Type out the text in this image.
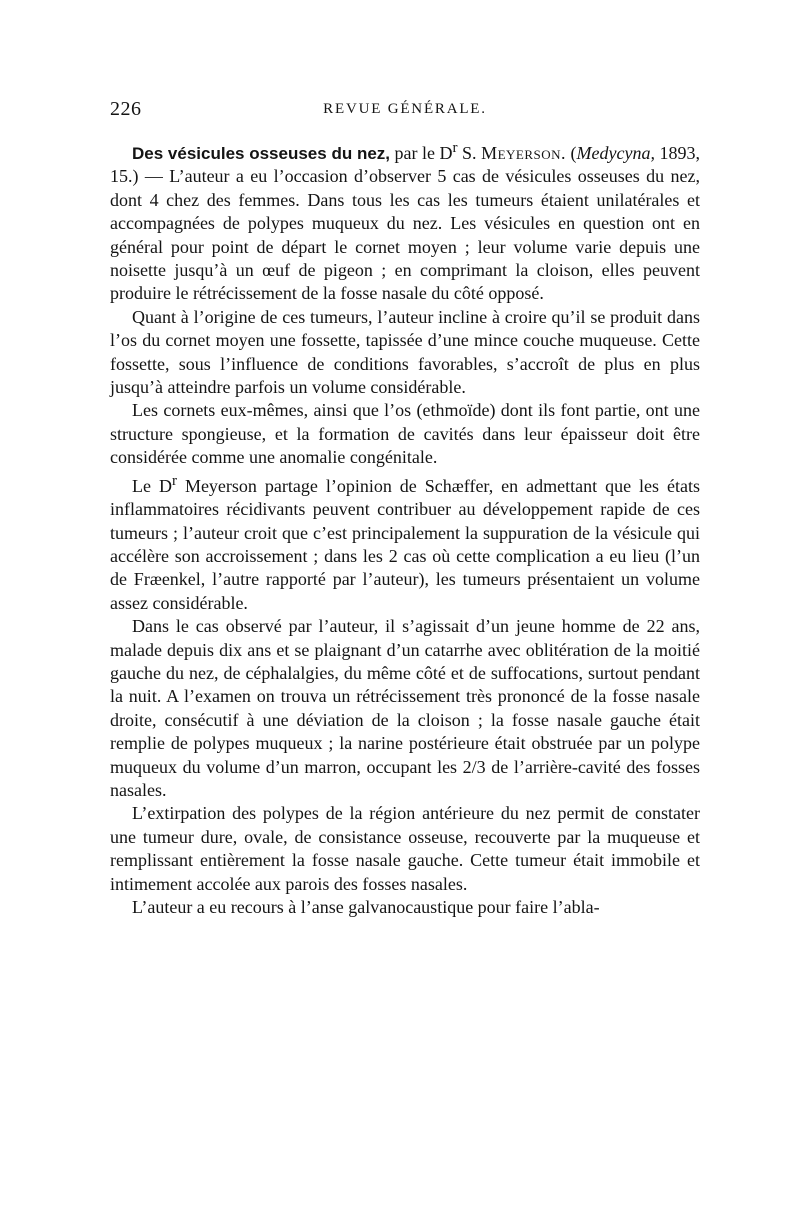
226	REVUE GÉNÉRALE.

Des vésicules osseuses du nez, par le $D^r$ S. Meyerson. (Medycyna, 1893, 15.) — L’auteur a eu l’occasion d’observer 5 cas de vésicules osseuses du nez, dont 4 chez des femmes. Dans tous les cas les tumeurs étaient unilatérales et accompagnées de polypes muqueux du nez. Les vésicules en question ont en général pour point de départ le cornet moyen ; leur volume varie depuis une noisette jusqu’à un œuf de pigeon ; en comprimant la cloison, elles peuvent produire le rétrécissement de la fosse nasale du côté opposé.

Quant à l’origine de ces tumeurs, l’auteur incline à croire qu’il se produit dans l’os du cornet moyen une fossette, tapissée d’une mince couche muqueuse. Cette fossette, sous l’influence de conditions favorables, s’accroît de plus en plus jusqu’à atteindre parfois un volume considérable.

Les cornets eux-mêmes, ainsi que l’os (ethmoïde) dont ils font partie, ont une structure spongieuse, et la formation de cavités dans leur épaisseur doit être considérée comme une anomalie congénitale.

Le $D^r$ Meyerson partage l’opinion de Schæffer, en admettant que les états inflammatoires récidivants peuvent contribuer au développement rapide de ces tumeurs ; l’auteur croit que c’est principalement la suppuration de la vésicule qui accélère son accroissement ; dans les 2 cas où cette complication a eu lieu (l’un de Fræenkel, l’autre rapporté par l’auteur), les tumeurs présentaient un volume assez considérable.

Dans le cas observé par l’auteur, il s’agissait d’un jeune homme de 22 ans, malade depuis dix ans et se plaignant d’un catarrhe avec oblitération de la moitié gauche du nez, de céphalalgies, du même côté et de suffocations, surtout pendant la nuit. A l’examen on trouva un rétrécissement très prononcé de la fosse nasale droite, consécutif à une déviation de la cloison ; la fosse nasale gauche était remplie de polypes muqueux ; la narine postérieure était obstruée par un polype muqueux du volume d’un marron, occupant les 2/3 de l’arrière-cavité des fosses nasales.

L’extirpation des polypes de la région antérieure du nez permit de constater une tumeur dure, ovale, de consistance osseuse, recouverte par la muqueuse et remplissant entièrement la fosse nasale gauche. Cette tumeur était immobile et intimement accolée aux parois des fosses nasales.

L’auteur a eu recours à l’anse galvanocaustique pour faire l’abla-
